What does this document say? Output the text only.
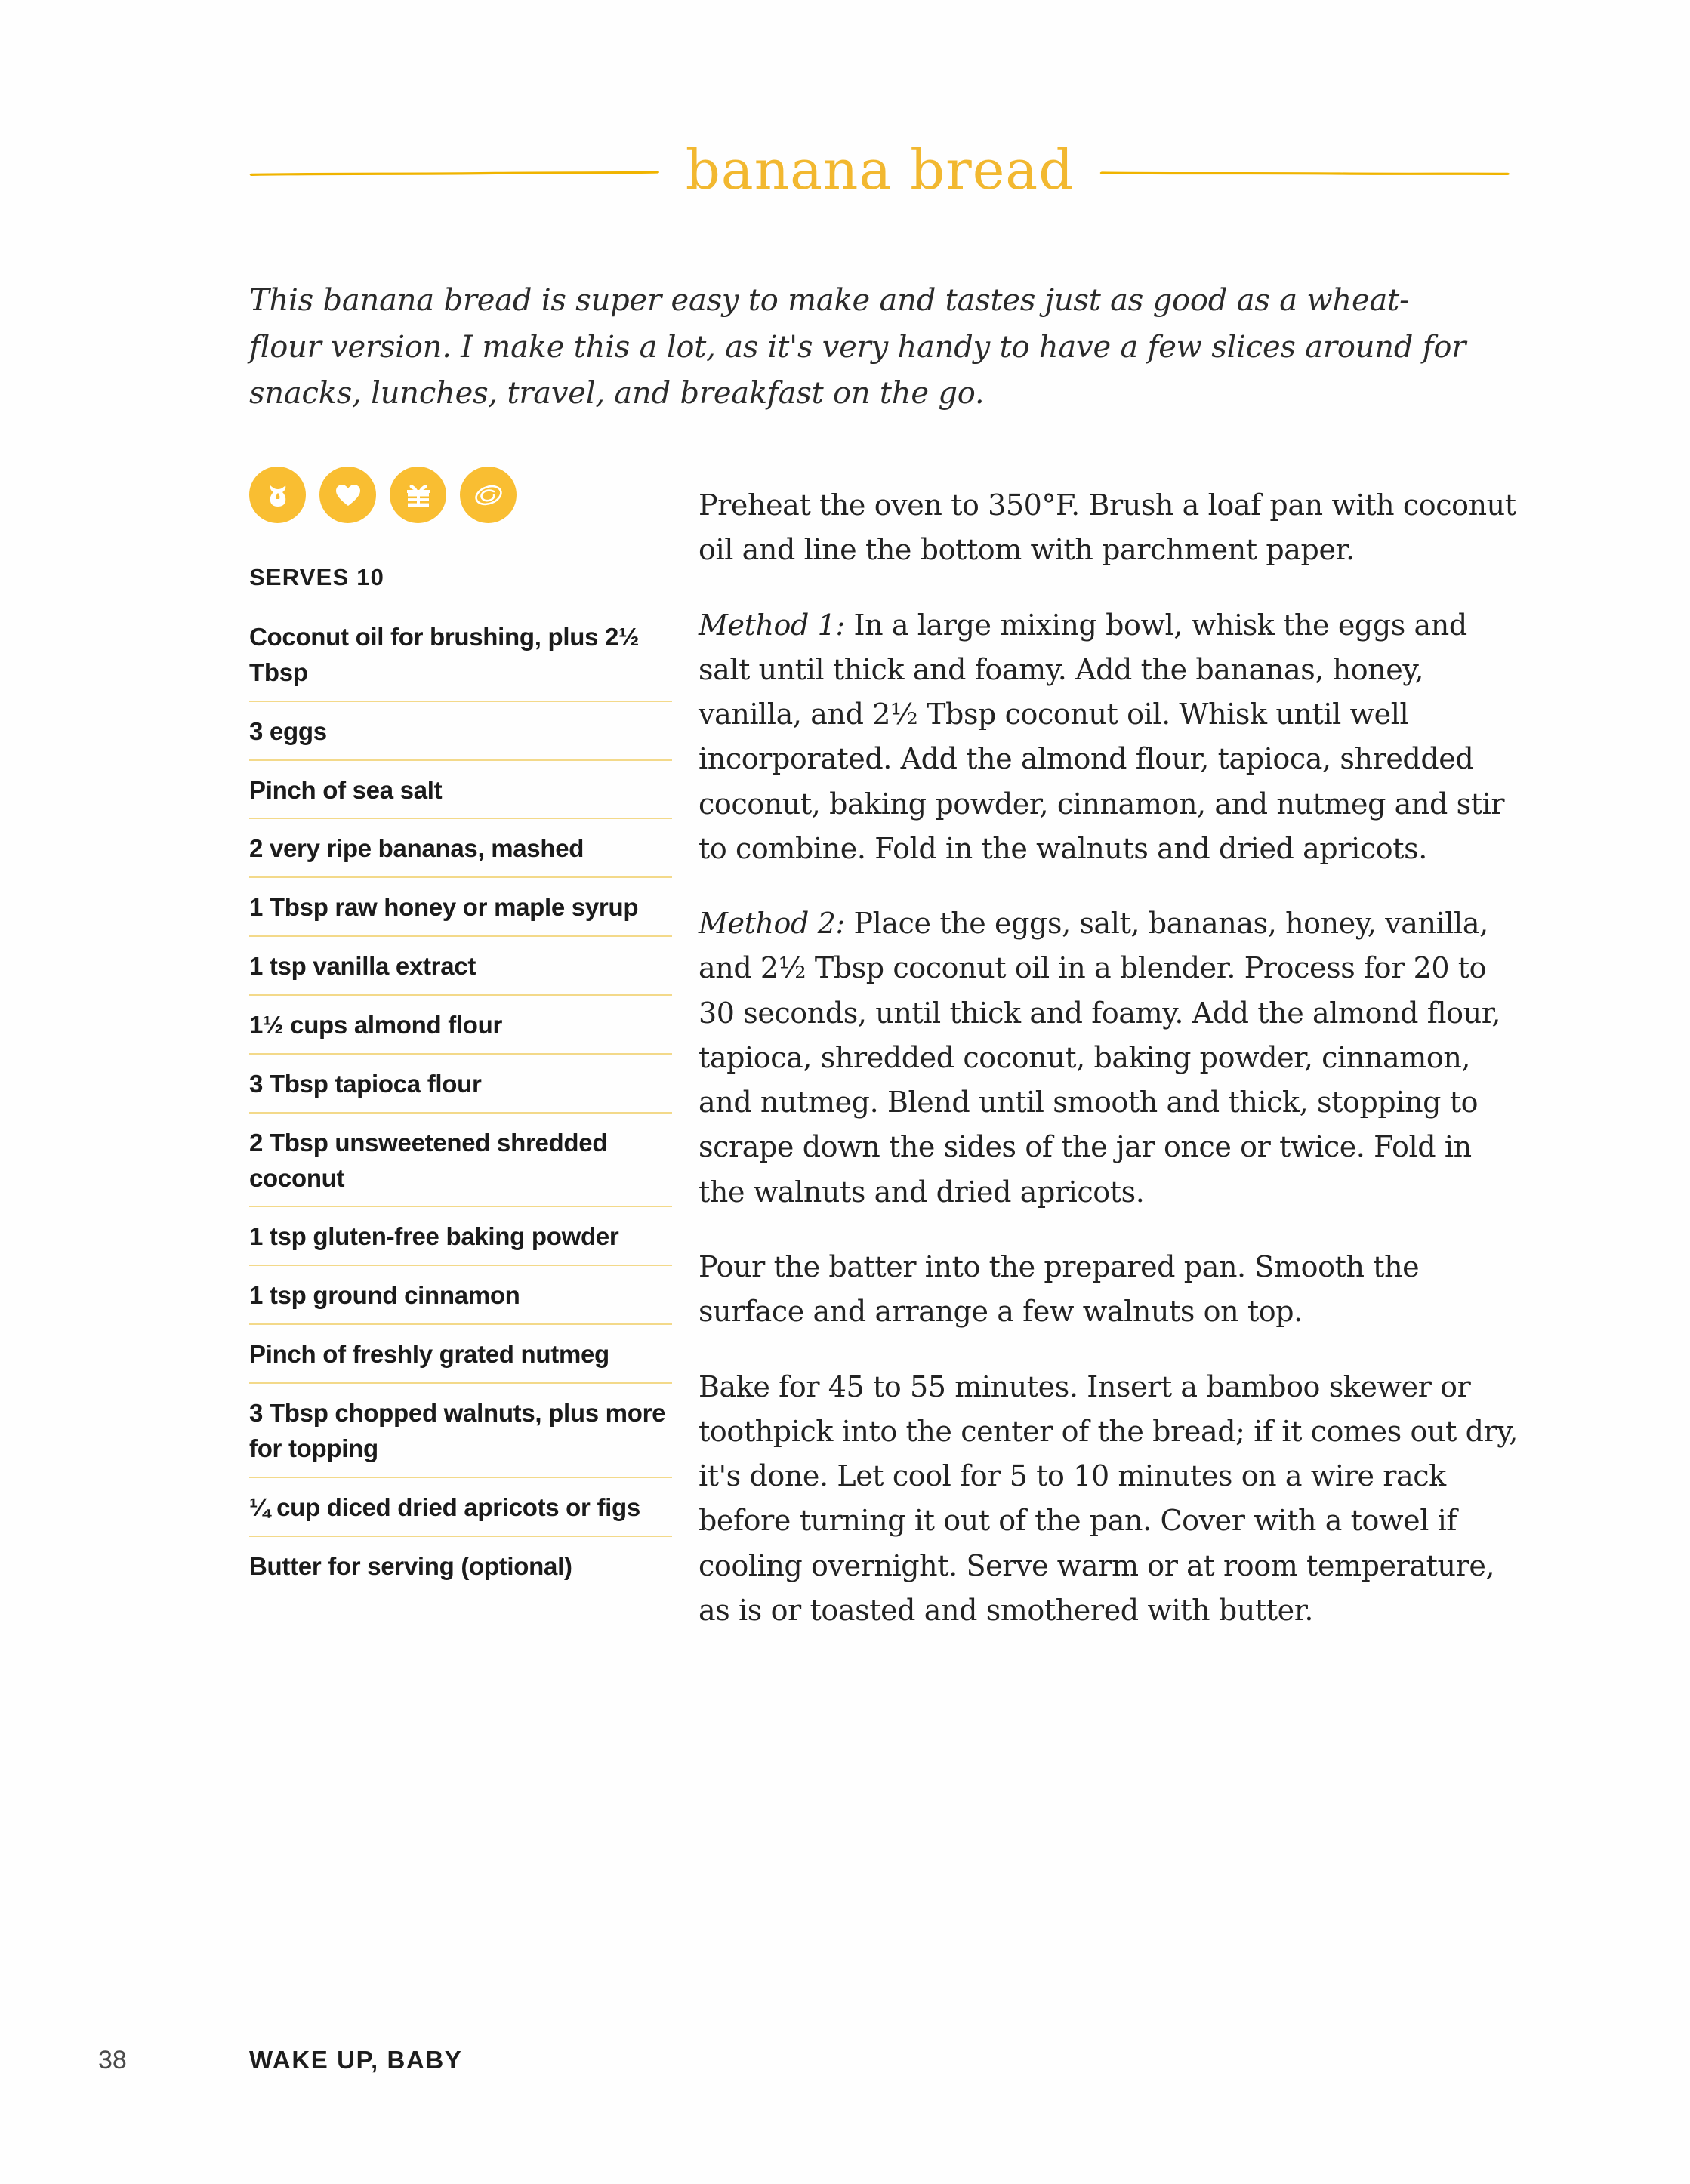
banana bread
This banana bread is super easy to make and tastes just as good as a wheat-flour version. I make this a lot, as it's very handy to have a few slices around for snacks, lunches, travel, and breakfast on the go.
SERVES 10
Coconut oil for brushing, plus 2½ Tbsp
3 eggs
Pinch of sea salt
2 very ripe bananas, mashed
1 Tbsp raw honey or maple syrup
1 tsp vanilla extract
1½ cups almond flour
3 Tbsp tapioca flour
2 Tbsp unsweetened shredded coconut
1 tsp gluten-free baking powder
1 tsp ground cinnamon
Pinch of freshly grated nutmeg
3 Tbsp chopped walnuts, plus more for topping
¼ cup diced dried apricots or figs
Butter for serving (optional)

Preheat the oven to 350°F. Brush a loaf pan with coconut oil and line the bottom with parchment paper.

Method 1: In a large mixing bowl, whisk the eggs and salt until thick and foamy. Add the bananas, honey, vanilla, and 2½ Tbsp coconut oil. Whisk until well incorporated. Add the almond flour, tapioca, shredded coconut, baking powder, cinnamon, and nutmeg and stir to combine. Fold in the walnuts and dried apricots.

Method 2: Place the eggs, salt, bananas, honey, vanilla, and 2½ Tbsp coconut oil in a blender. Process for 20 to 30 seconds, until thick and foamy. Add the almond flour, tapioca, shredded coconut, baking powder, cinnamon, and nutmeg. Blend until smooth and thick, stopping to scrape down the sides of the jar once or twice. Fold in the walnuts and dried apricots.

Pour the batter into the prepared pan. Smooth the surface and arrange a few walnuts on top.

Bake for 45 to 55 minutes. Insert a bamboo skewer or toothpick into the center of the bread; if it comes out dry, it's done. Let cool for 5 to 10 minutes on a wire rack before turning it out of the pan. Cover with a towel if cooling overnight. Serve warm or at room temperature, as is or toasted and smothered with butter.

38	WAKE UP, BABY
